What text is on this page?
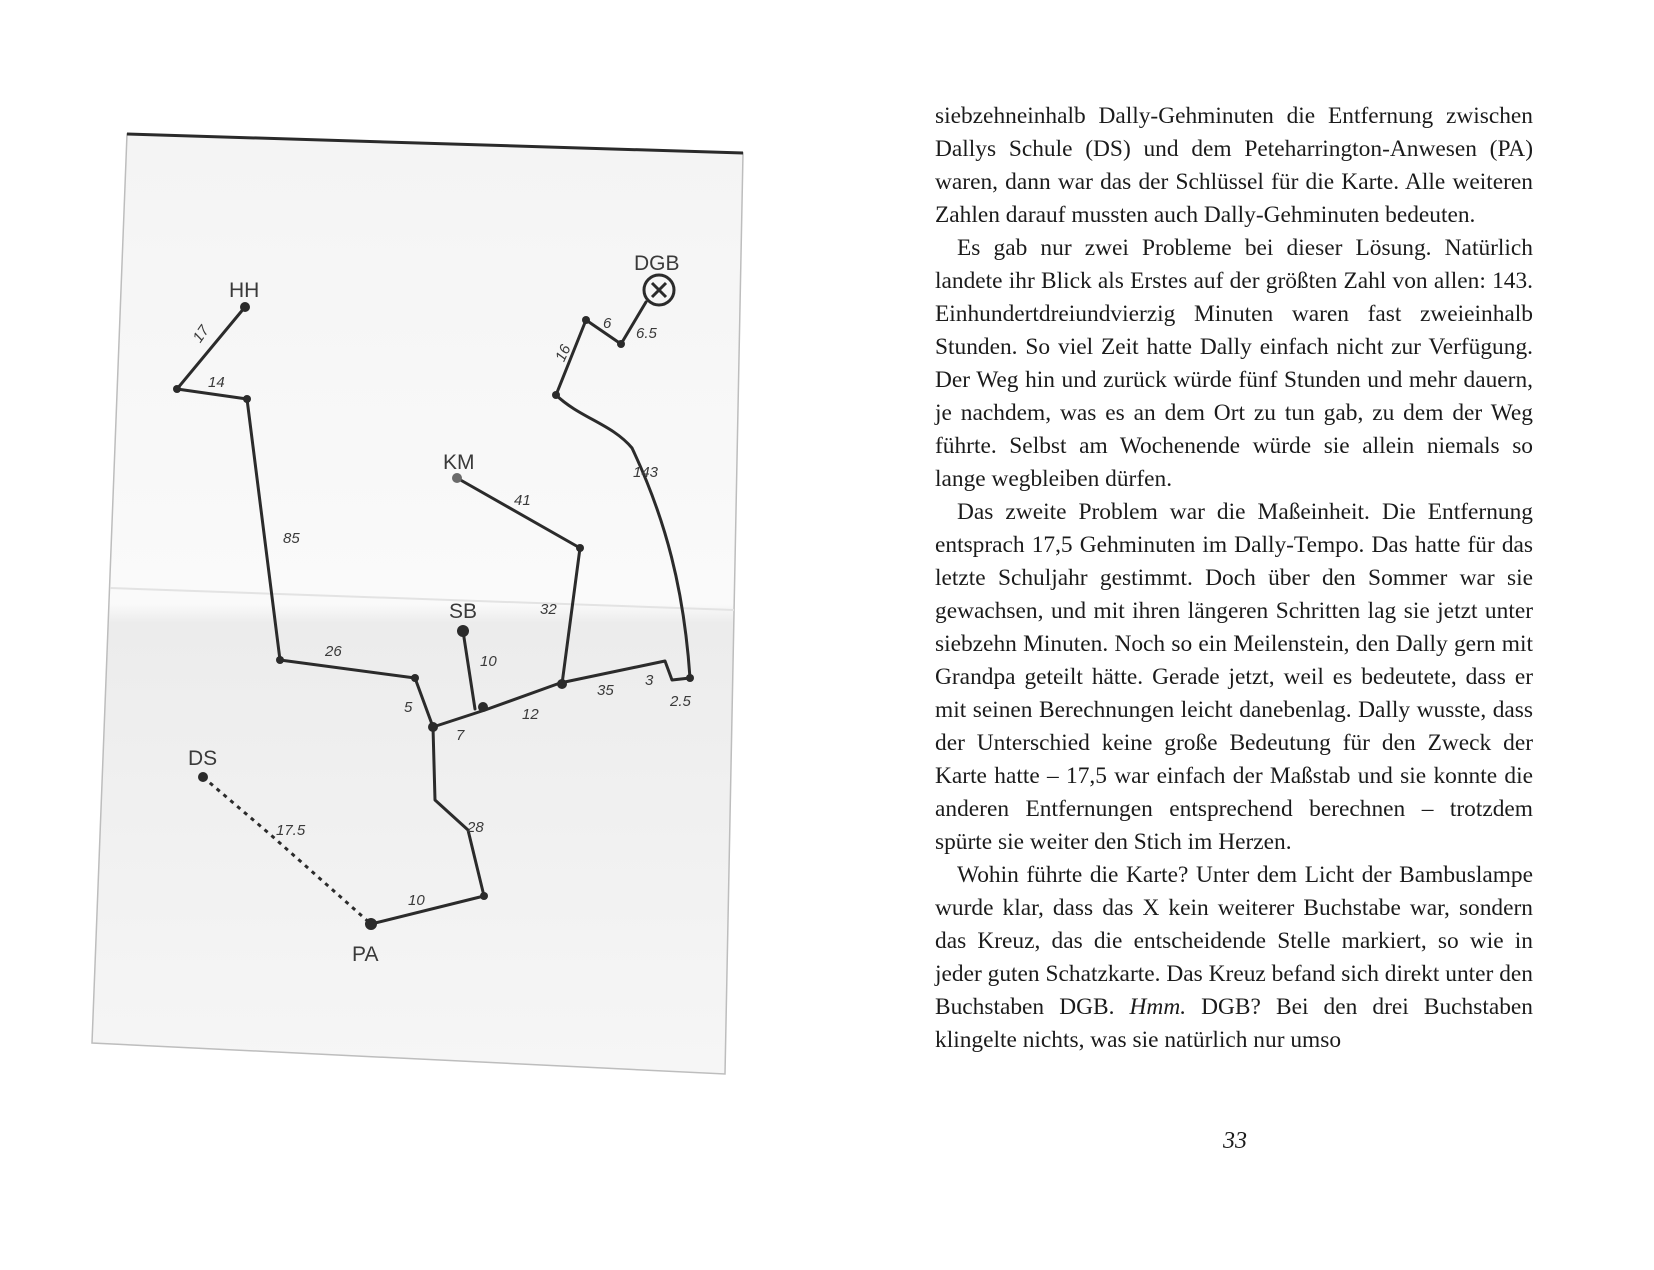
HH
DGB
KM
SB
DS
PA
17
14
85
26
5
7
28
10
17.5
10
12
35
3
2.5
32
41
143
16
6
6.5

siebzehneinhalb Dally-Gehminuten die Entfernung zwischen Dallys Schule (DS) und dem Peteharrington-Anwesen (PA) waren, dann war das der Schlüssel für die Karte. Alle weiteren Zahlen darauf mussten auch Dally-Gehminuten bedeuten.

Es gab nur zwei Probleme bei dieser Lösung. Natürlich landete ihr Blick als Erstes auf der größten Zahl von allen: 143. Einhundertdreiundvierzig Minuten waren fast zweieinhalb Stunden. So viel Zeit hatte Dally einfach nicht zur Verfügung. Der Weg hin und zurück würde fünf Stunden und mehr dauern, je nachdem, was es an dem Ort zu tun gab, zu dem der Weg führte. Selbst am Wochenende würde sie allein niemals so lange wegbleiben dürfen.

Das zweite Problem war die Maßeinheit. Die Entfernung entsprach 17,5 Gehminuten im Dally-Tempo. Das hatte für das letzte Schuljahr gestimmt. Doch über den Sommer war sie gewachsen, und mit ihren längeren Schritten lag sie jetzt unter siebzehn Minuten. Noch so ein Meilenstein, den Dally gern mit Grandpa geteilt hätte. Gerade jetzt, weil es bedeutete, dass er mit seinen Berechnungen leicht danebenlag. Dally wusste, dass der Unterschied keine große Bedeutung für den Zweck der Karte hatte – 17,5 war einfach der Maßstab und sie konnte die anderen Entfernungen entsprechend berechnen – trotzdem spürte sie weiter den Stich im Herzen.

Wohin führte die Karte? Unter dem Licht der Bambuslampe wurde klar, dass das X kein weiterer Buchstabe war, sondern das Kreuz, das die entscheidende Stelle markiert, so wie in jeder guten Schatzkarte. Das Kreuz befand sich direkt unter den Buchstaben DGB. Hmm. DGB? Bei den drei Buchstaben klingelte nichts, was sie natürlich nur umso

33
